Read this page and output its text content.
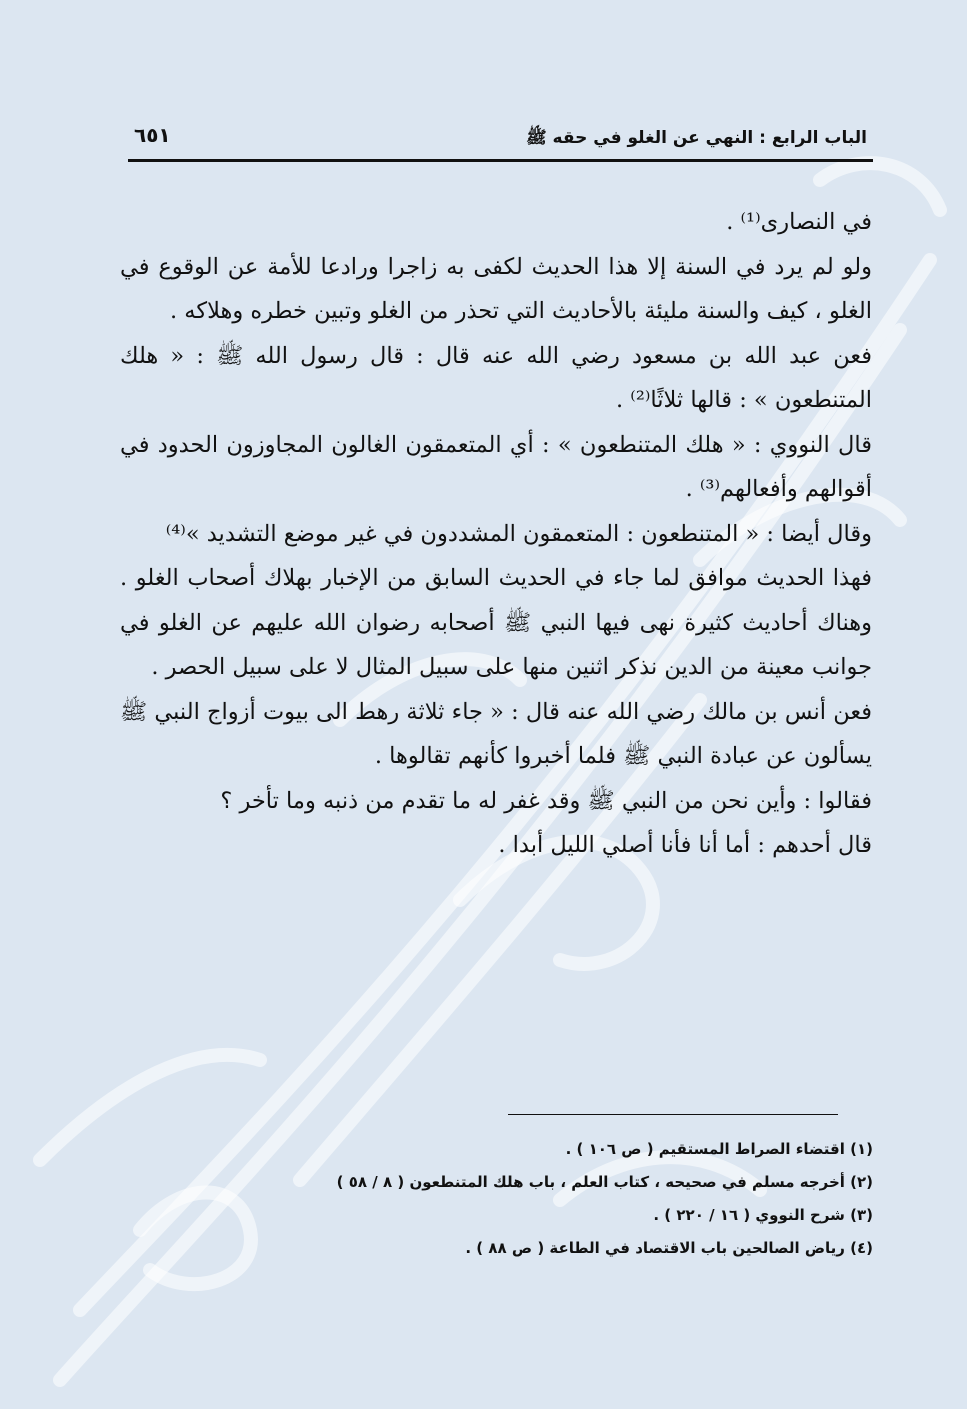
الباب الرابع : النهي عن الغلو في حقه ﷺ
٦٥١

في النصارى⁽¹⁾ .

ولو لم يرد في السنة إلا هذا الحديث لكفى به زاجرا ورادعا للأمة عن الوقوع في الغلو ، كيف والسنة مليئة بالأحاديث التي تحذر من الغلو وتبين خطره وهلاكه .

فعن عبد الله بن مسعود رضي الله عنه قال : قال رسول الله ﷺ : « هلك المتنطعون » : قالها ثلاثًا⁽²⁾ .

قال النووي : « هلك المتنطعون » : أي المتعمقون الغالون المجاوزون الحدود في أقوالهم وأفعالهم⁽³⁾ .

وقال أيضا : « المتنطعون : المتعمقون المشددون في غير موضع التشديد »⁽⁴⁾

فهذا الحديث موافق لما جاء في الحديث السابق من الإخبار بهلاك أصحاب الغلو . وهناك أحاديث كثيرة نهى فيها النبي ﷺ أصحابه رضوان الله عليهم عن الغلو في جوانب معينة من الدين نذكر اثنين منها على سبيل المثال لا على سبيل الحصر .

فعن أنس بن مالك رضي الله عنه قال : « جاء ثلاثة رهط الى بيوت أزواج النبي ﷺ يسألون عن عبادة النبي ﷺ فلما أخبروا كأنهم تقالوها .

فقالوا : وأين نحن من النبي ﷺ وقد غفر له ما تقدم من ذنبه وما تأخر ؟

قال أحدهم : أما أنا فأنا أصلي الليل أبدا .

(١) اقتضاء الصراط المستقيم ( ص ١٠٦ ) .

(٢) أخرجه مسلم في صحيحه ، كتاب العلم ، باب هلك المتنطعون ( ٨ / ٥٨ )

(٣) شرح النووي ( ١٦ / ٢٢٠ ) .

(٤) رياض الصالحين باب الاقتصاد في الطاعة ( ص ٨٨ ) .
